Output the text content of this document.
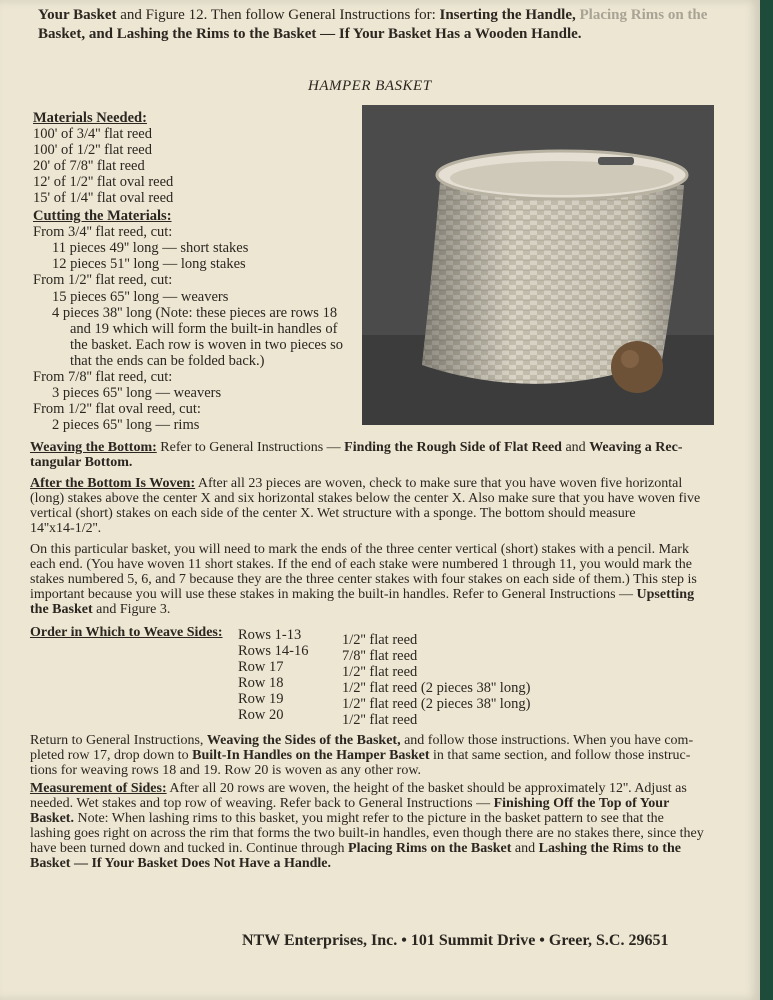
Your Basket and Figure 12. Then follow General Instructions for: Inserting the Handle, Placing Rims on the
Basket, and Lashing the Rims to the Basket — If Your Basket Has a Wooden Handle.
HAMPER BASKET
Materials Needed:
100' of 3/4'' flat reed
100' of 1/2'' flat reed
20' of 7/8'' flat reed
12' of 1/2'' flat oval reed
15' of 1/4'' flat oval reed
Cutting the Materials:
From 3/4'' flat reed, cut:
11 pieces 49'' long — short stakes
12 pieces 51'' long — long stakes
From 1/2'' flat reed, cut:
15 pieces 65'' long — weavers
4 pieces 38'' long (Note: these pieces are rows 18
and 19 which will form the built-in handles of
the basket. Each row is woven in two pieces so
that the ends can be folded back.)
From 7/8'' flat reed, cut:
3 pieces 65'' long — weavers
From 1/2'' flat oval reed, cut:
2 pieces 65'' long — rims
Weaving the Bottom: Refer to General Instructions — Finding the Rough Side of Flat Reed and Weaving a Rec-
tangular Bottom.
After the Bottom Is Woven: After all 23 pieces are woven, check to make sure that you have woven five horizontal
(long) stakes above the center X and six horizontal stakes below the center X. Also make sure that you have woven five
vertical (short) stakes on each side of the center X. Wet structure with a sponge. The bottom should measure
14''x14-1/2''.
On this particular basket, you will need to mark the ends of the three center vertical (short) stakes with a pencil. Mark
each end. (You have woven 11 short stakes. If the end of each stake were numbered 1 through 11, you would mark the
stakes numbered 5, 6, and 7 because they are the three center stakes with four stakes on each side of them.) This step is
important because you will use these stakes in making the built-in handles. Refer to General Instructions — Upsetting
the Basket and Figure 3.
Order in Which to Weave Sides: Rows 1-13	1/2'' flat reed
Rows 14-16 7/8'' flat reed
Row 17	1/2'' flat reed
Row 18	1/2'' flat reed (2 pieces 38'' long)
Row 19	1/2'' flat reed (2 pieces 38'' long)
Row 20	1/2'' flat reed
Return to General Instructions, Weaving the Sides of the Basket, and follow those instructions. When you have com-
pleted row 17, drop down to Built-In Handles on the Hamper Basket in that same section, and follow those instruc-
tions for weaving rows 18 and 19. Row 20 is woven as any other row.
Measurement of Sides: After all 20 rows are woven, the height of the basket should be approximately 12''. Adjust as
needed. Wet stakes and top row of weaving. Refer back to General Instructions — Finishing Off the Top of Your
Basket. Note: When lashing rims to this basket, you might refer to the picture in the basket pattern to see that the
lashing goes right on across the rim that forms the two built-in handles, even though there are no stakes there, since they
have been turned down and tucked in. Continue through Placing Rims on the Basket and Lashing the Rims to the
Basket — If Your Basket Does Not Have a Handle.
NTW Enterprises, Inc. • 101 Summit Drive • Greer, S.C. 29651
